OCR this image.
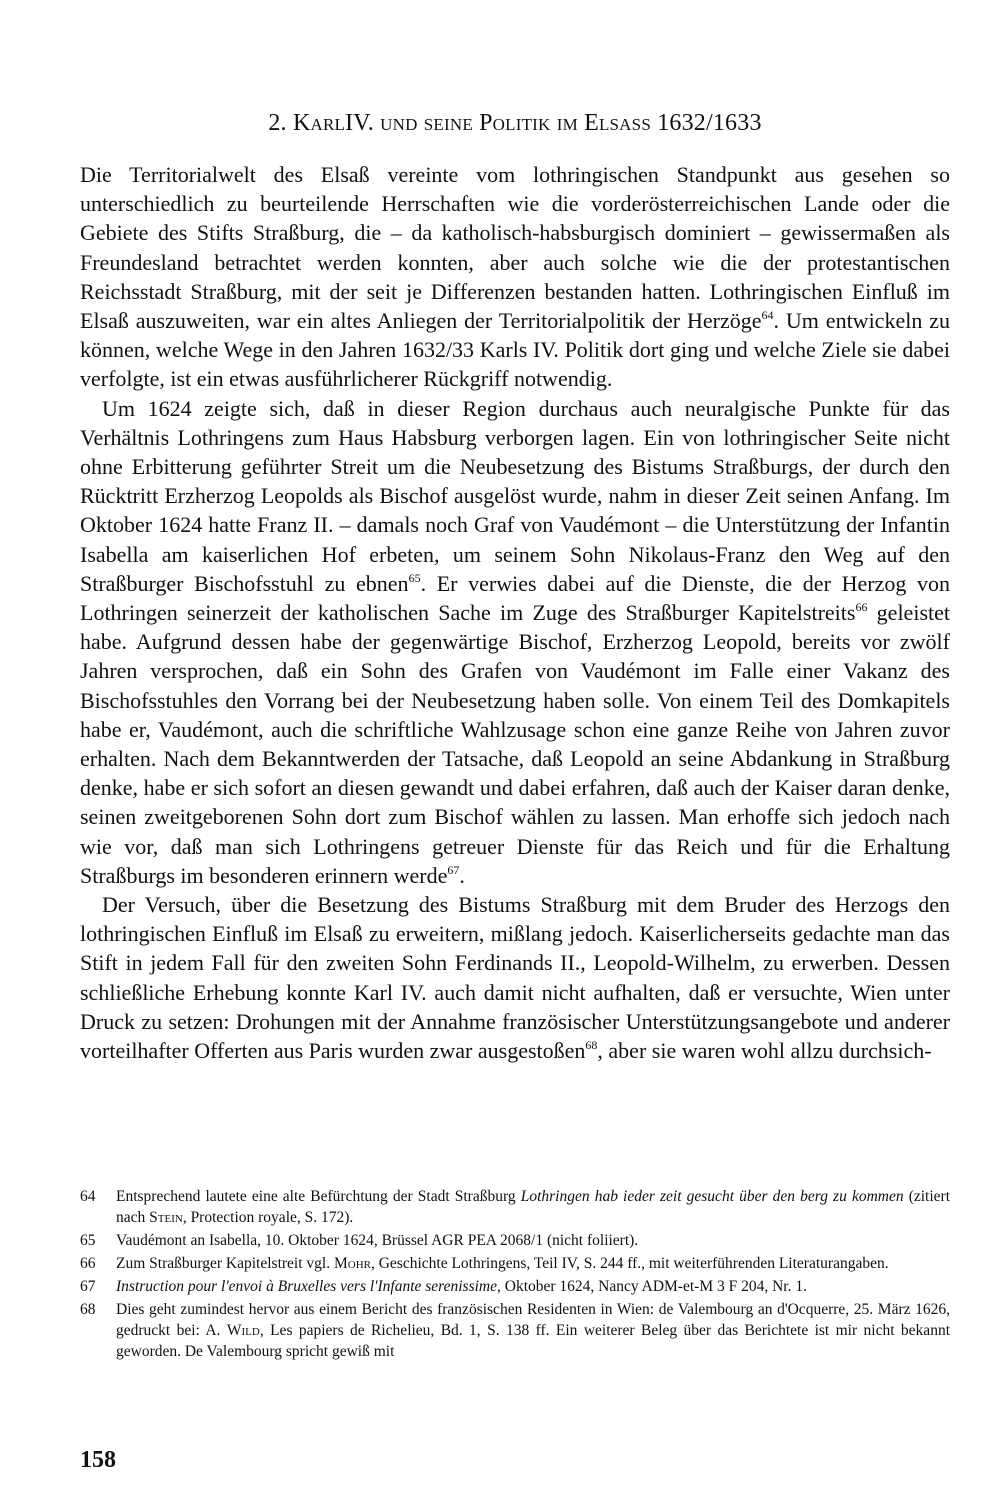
2. KarlIV. und seine Politik im Elsass 1632/1633

Die Territorialwelt des Elsaß vereinte vom lothringischen Standpunkt aus gesehen so unterschiedlich zu beurteilende Herrschaften wie die vorderösterreichischen Lande oder die Gebiete des Stifts Straßburg, die – da katholisch-habsburgisch dominiert – gewissermaßen als Freundesland betrachtet werden konnten, aber auch solche wie die der protestantischen Reichsstadt Straßburg, mit der seit je Differenzen bestanden hatten. Lothringischen Einfluß im Elsaß auszuweiten, war ein altes Anliegen der Territorialpolitik der Herzöge$^{64}$. Um entwickeln zu können, welche Wege in den Jahren 1632/33 Karls IV. Politik dort ging und welche Ziele sie dabei verfolgte, ist ein etwas ausführlicherer Rückgriff notwendig.

Um 1624 zeigte sich, daß in dieser Region durchaus auch neuralgische Punkte für das Verhältnis Lothringens zum Haus Habsburg verborgen lagen. Ein von lothringischer Seite nicht ohne Erbitterung geführter Streit um die Neubesetzung des Bistums Straßburgs, der durch den Rücktritt Erzherzog Leopolds als Bischof ausgelöst wurde, nahm in dieser Zeit seinen Anfang. Im Oktober 1624 hatte Franz II. – damals noch Graf von Vaudémont – die Unterstützung der Infantin Isabella am kaiserlichen Hof erbeten, um seinem Sohn Nikolaus-Franz den Weg auf den Straßburger Bischofsstuhl zu ebnen$^{65}$. Er verwies dabei auf die Dienste, die der Herzog von Lothringen seinerzeit der katholischen Sache im Zuge des Straßburger Kapitelstreits$^{66}$ geleistet habe. Aufgrund dessen habe der gegenwärtige Bischof, Erzherzog Leopold, bereits vor zwölf Jahren versprochen, daß ein Sohn des Grafen von Vaudémont im Falle einer Vakanz des Bischofsstuhles den Vorrang bei der Neubesetzung haben solle. Von einem Teil des Domkapitels habe er, Vaudémont, auch die schriftliche Wahlzusage schon eine ganze Reihe von Jahren zuvor erhalten. Nach dem Bekanntwerden der Tatsache, daß Leopold an seine Abdankung in Straßburg denke, habe er sich sofort an diesen gewandt und dabei erfahren, daß auch der Kaiser daran denke, seinen zweitgeborenen Sohn dort zum Bischof wählen zu lassen. Man erhoffe sich jedoch nach wie vor, daß man sich Lothringens getreuer Dienste für das Reich und für die Erhaltung Straßburgs im besonderen erinnern werde$^{67}$.

Der Versuch, über die Besetzung des Bistums Straßburg mit dem Bruder des Herzogs den lothringischen Einfluß im Elsaß zu erweitern, mißlang jedoch. Kaiserlicherseits gedachte man das Stift in jedem Fall für den zweiten Sohn Ferdinands II., Leopold-Wilhelm, zu erwerben. Dessen schließliche Erhebung konnte Karl IV. auch damit nicht aufhalten, daß er versuchte, Wien unter Druck zu setzen: Drohungen mit der Annahme französischer Unterstützungsangebote und anderer vorteilhafter Offerten aus Paris wurden zwar ausgestoßen$^{68}$, aber sie waren wohl allzu durchsich-

64	Entsprechend lautete eine alte Befürchtung der Stadt Straßburg Lothringen hab ieder zeit gesucht über den berg zu kommen (zitiert nach Stein, Protection royale, S. 172).
65	Vaudémont an Isabella, 10. Oktober 1624, Brüssel AGR PEA 2068/1 (nicht foliiert).
66	Zum Straßburger Kapitelstreit vgl. Mohr, Geschichte Lothringens, Teil IV, S. 244 ff., mit weiterführenden Literaturangaben.
67	Instruction pour l'envoi à Bruxelles vers l'Infante serenissime, Oktober 1624, Nancy ADM-et-M 3 F 204, Nr. 1.
68	Dies geht zumindest hervor aus einem Bericht des französischen Residenten in Wien: de Valembourg an d'Ocquerre, 25. März 1626, gedruckt bei: A. Wild, Les papiers de Richelieu, Bd. 1, S. 138 ff. Ein weiterer Beleg über das Berichtete ist mir nicht bekannt geworden. De Valembourg spricht gewiß mit
158
